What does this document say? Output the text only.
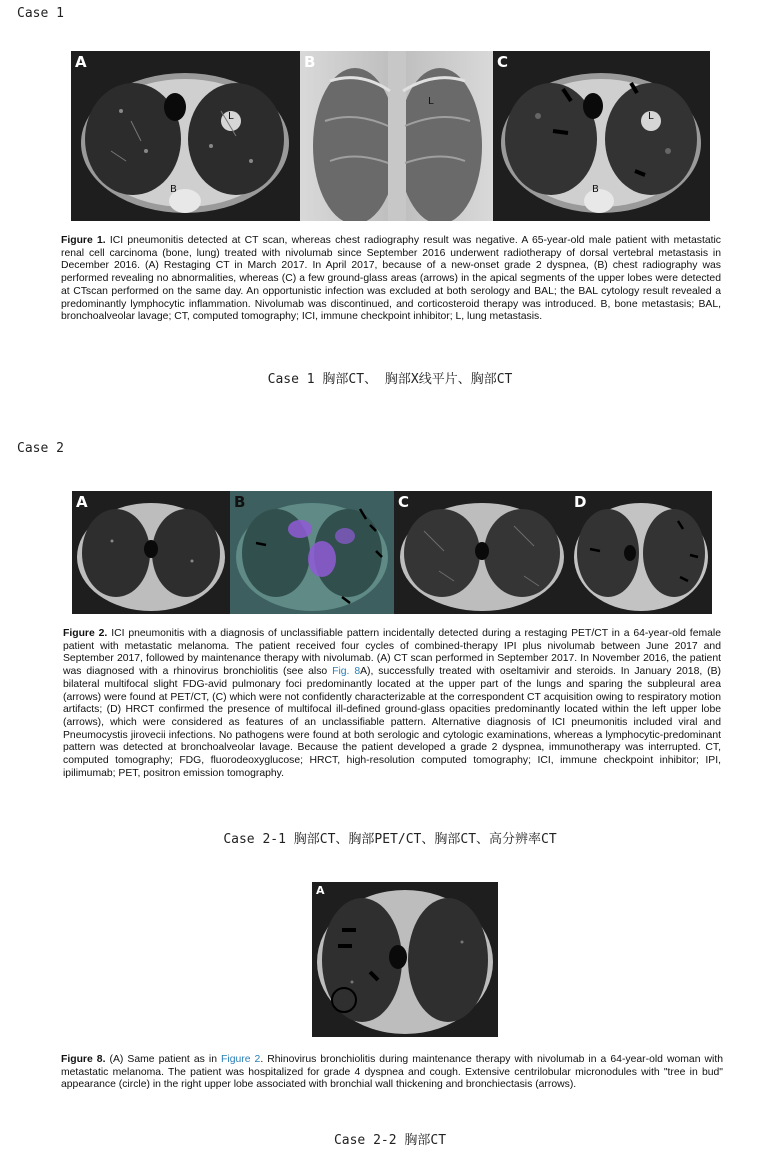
Case 1
A
L
B
B
L
C
L
B
Figure 1. ICI pneumonitis detected at CT scan, whereas chest radiography result was negative. A 65-year-old male patient with metastatic renal cell carcinoma (bone, lung) treated with nivolumab since September 2016 underwent radiotherapy of dorsal vertebral metastasis in December 2016. (A) Restaging CT in March 2017. In April 2017, because of a new-onset grade 2 dyspnea, (B) chest radiography was performed revealing no abnormalities, whereas (C) a few ground-glass areas (arrows) in the apical segments of the upper lobes were detected at CTscan performed on the same day. An opportunistic infection was excluded at both serology and BAL; the BAL cytology result revealed a predominantly lymphocytic inflammation. Nivolumab was discontinued, and corticosteroid therapy was introduced. B, bone metastasis; BAL, bronchoalveolar lavage; CT, computed tomography; ICI, immune checkpoint inhibitor; L, lung metastasis.
Case 1 胸部CT、 胸部X线平片、胸部CT
Case 2
A	B	C	D
Figure 2. ICI pneumonitis with a diagnosis of unclassifiable pattern incidentally detected during a restaging PET/CT in a 64-year-old female patient with metastatic melanoma. The patient received four cycles of combined-therapy IPI plus nivolumab between June 2017 and September 2017, followed by maintenance therapy with nivolumab. (A) CT scan performed in September 2017. In November 2016, the patient was diagnosed with a rhinovirus bronchiolitis (see also Fig. 8A), successfully treated with oseltamivir and steroids. In January 2018, (B) bilateral multifocal slight FDG-avid pulmonary foci predominantly located at the upper part of the lungs and sparing the subpleural area (arrows) were found at PET/CT, (C) which were not confidently characterizable at the correspondent CT acquisition owing to respiratory motion artifacts; (D) HRCT confirmed the presence of multifocal ill-defined ground-glass opacities predominantly located within the left upper lobe (arrows), which were considered as features of an unclassifiable pattern. Alternative diagnosis of ICI pneumonitis included viral and Pneumocystis jirovecii infections. No pathogens were found at both serologic and cytologic examinations, whereas a lymphocytic-predominant pattern was detected at bronchoalveolar lavage. Because the patient developed a grade 2 dyspnea, immunotherapy was interrupted. CT, computed tomography; FDG, fluorodeoxyglucose; HRCT, high-resolution computed tomography; ICI, immune checkpoint inhibitor; IPI, ipilimumab; PET, positron emission tomography.
Case 2-1 胸部CT、胸部PET/CT、胸部CT、高分辨率CT
A
Figure 8. (A) Same patient as in Figure 2. Rhinovirus bronchiolitis during maintenance therapy with nivolumab in a 64-year-old woman with metastatic melanoma. The patient was hospitalized for grade 4 dyspnea and cough. Extensive centrilobular micronodules with "tree in bud" appearance (circle) in the right upper lobe associated with bronchial wall thickening and bronchiectasis (arrows).
Case 2-2 胸部CT
